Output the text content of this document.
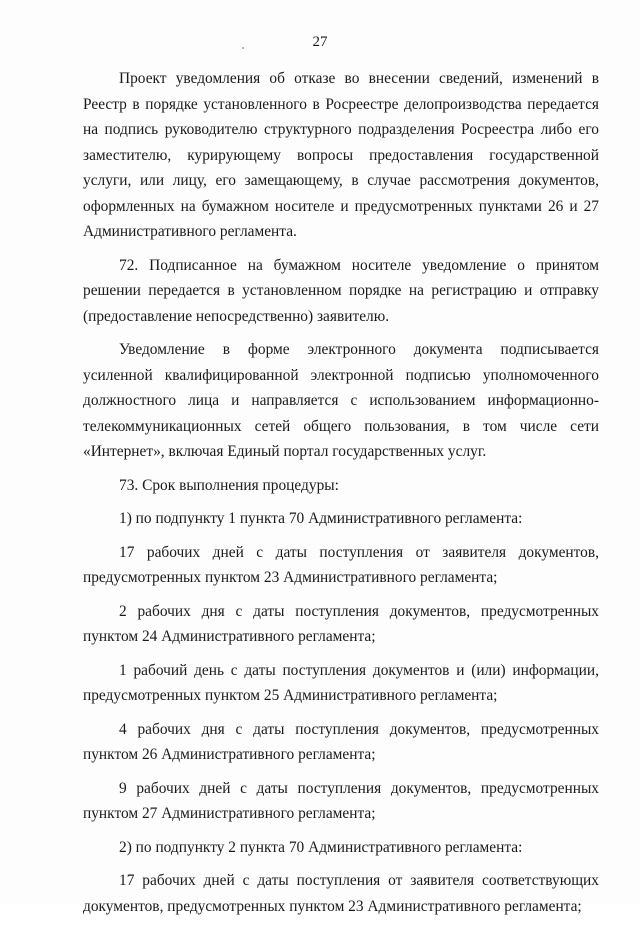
27

Проект уведомления об отказе во внесении сведений, изменений в Реестр в порядке установленного в Росреестре делопроизводства передается на подпись руководителю структурного подразделения Росреестра либо его заместителю, курирующему вопросы предоставления государственной услуги, или лицу, его замещающему, в случае рассмотрения документов, оформленных на бумажном носителе и предусмотренных пунктами 26 и 27 Административного регламента.

72. Подписанное на бумажном носителе уведомление о принятом решении передается в установленном порядке на регистрацию и отправку (предоставление непосредственно) заявителю.

Уведомление в форме электронного документа подписывается усиленной квалифицированной электронной подписью уполномоченного должностного лица и направляется с использованием информационно-телекоммуникационных сетей общего пользования, в том числе сети «Интернет», включая Единый портал государственных услуг.

73. Срок выполнения процедуры:

1) по подпункту 1 пункта 70 Административного регламента:

17 рабочих дней с даты поступления от заявителя документов, предусмотренных пунктом 23 Административного регламента;

2 рабочих дня с даты поступления документов, предусмотренных пунктом 24 Административного регламента;

1 рабочий день с даты поступления документов и (или) информации, предусмотренных пунктом 25 Административного регламента;

4 рабочих дня с даты поступления документов, предусмотренных пунктом 26 Административного регламента;

9 рабочих дней с даты поступления документов, предусмотренных пунктом 27 Административного регламента;

2) по подпункту 2 пункта 70 Административного регламента:

17 рабочих дней с даты поступления от заявителя соответствующих документов, предусмотренных пунктом 23 Административного регламента;
